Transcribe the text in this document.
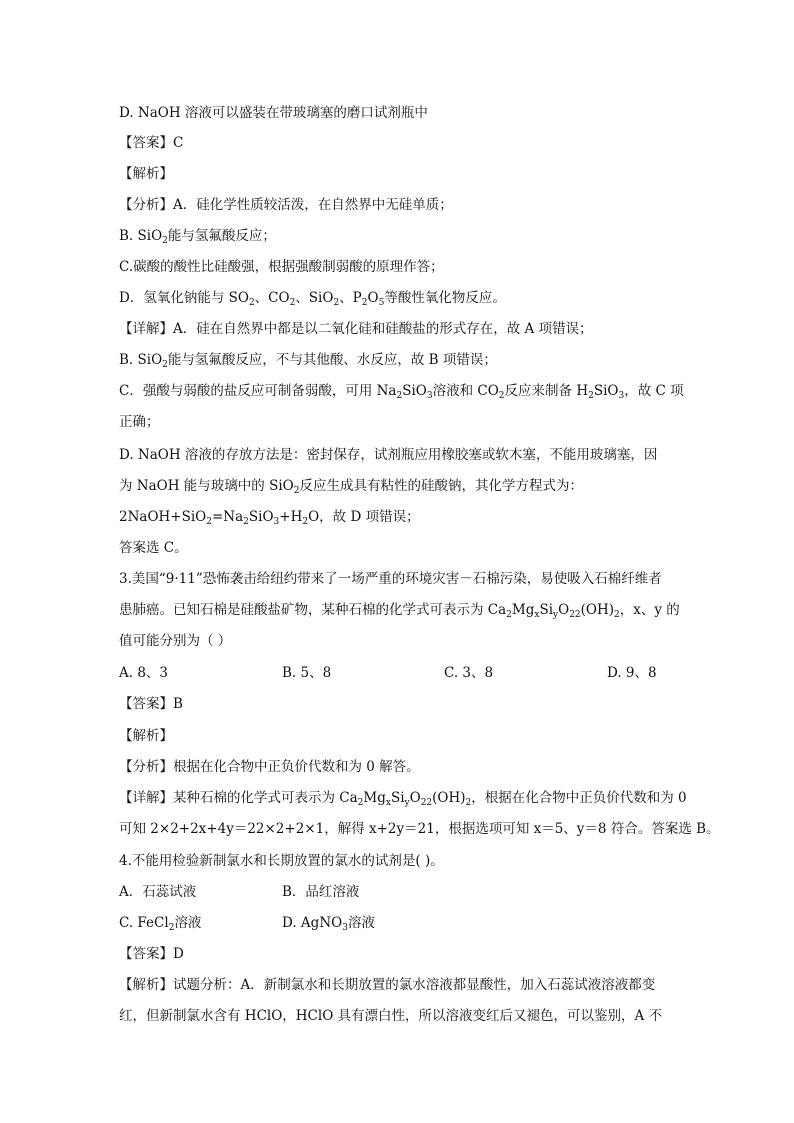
D. NaOH 溶液可以盛装在带玻璃塞的磨口试剂瓶中
【答案】C
【解析】
【分析】A．硅化学性质较活泼，在自然界中无硅单质；
B. SiO$_2$能与氢氟酸反应；
C.碳酸的酸性比硅酸强，根据强酸制弱酸的原理作答；
D．氢氧化钠能与 $SO_2$、$CO_2$、SiO$_2$、$P_2O_5$等酸性氧化物反应。
【详解】A．硅在自然界中都是以二氧化硅和硅酸盐的形式存在，故 A 项错误；
B. SiO$_2$能与氢氟酸反应，不与其他酸、水反应，故 B 项错误；
C．强酸与弱酸的盐反应可制备弱酸，可用 $Na_2SiO_3$溶液和 $CO_2$反应来制备 $H_2SiO_3$，故 C 项
正确；
D. NaOH 溶液的存放方法是：密封保存，试剂瓶应用橡胶塞或软木塞，不能用玻璃塞，因
为 NaOH 能与玻璃中的 SiO$_2$反应生成具有粘性的硅酸钠，其化学方程式为：
$2NaOH+SiO_2=Na_2SiO_3+H_2O$，故 D 项错误；
答案选 C。
3.美国“9·11”恐怖袭击给纽约带来了一场严重的环境灾害－石棉污染，易使吸入石棉纤维者
患肺癌。已知石棉是硅酸盐矿物，某种石棉的化学式可表示为 $Ca_2Mg_xSi_yO_{22}(OH)_2$，x、y 的
值可能分别为（ ）
A. 8、3	B. 5、8	C. 3、8	D. 9、8
【答案】B
【解析】
【分析】根据在化合物中正负价代数和为 0 解答。
【详解】某种石棉的化学式可表示为 $Ca_2Mg_xSi_yO_{22}(OH)_2$，根据在化合物中正负价代数和为 0
可知 2×2+2x+4y＝22×2+2×1，解得 x+2y＝21，根据选项可知 x＝5、y＝8 符合。答案选 B。
4.不能用检验新制氯水和长期放置的氯水的试剂是( )。
A．石蕊试液	B．品红溶液
C. FeCl$_2$溶液	D. AgNO$_3$溶液
【答案】D
【解析】试题分析：A．新制氯水和长期放置的氯水溶液都显酸性，加入石蕊试液溶液都变
红，但新制氯水含有 HClO，HClO 具有漂白性，所以溶液变红后又褪色，可以鉴别，A 不
